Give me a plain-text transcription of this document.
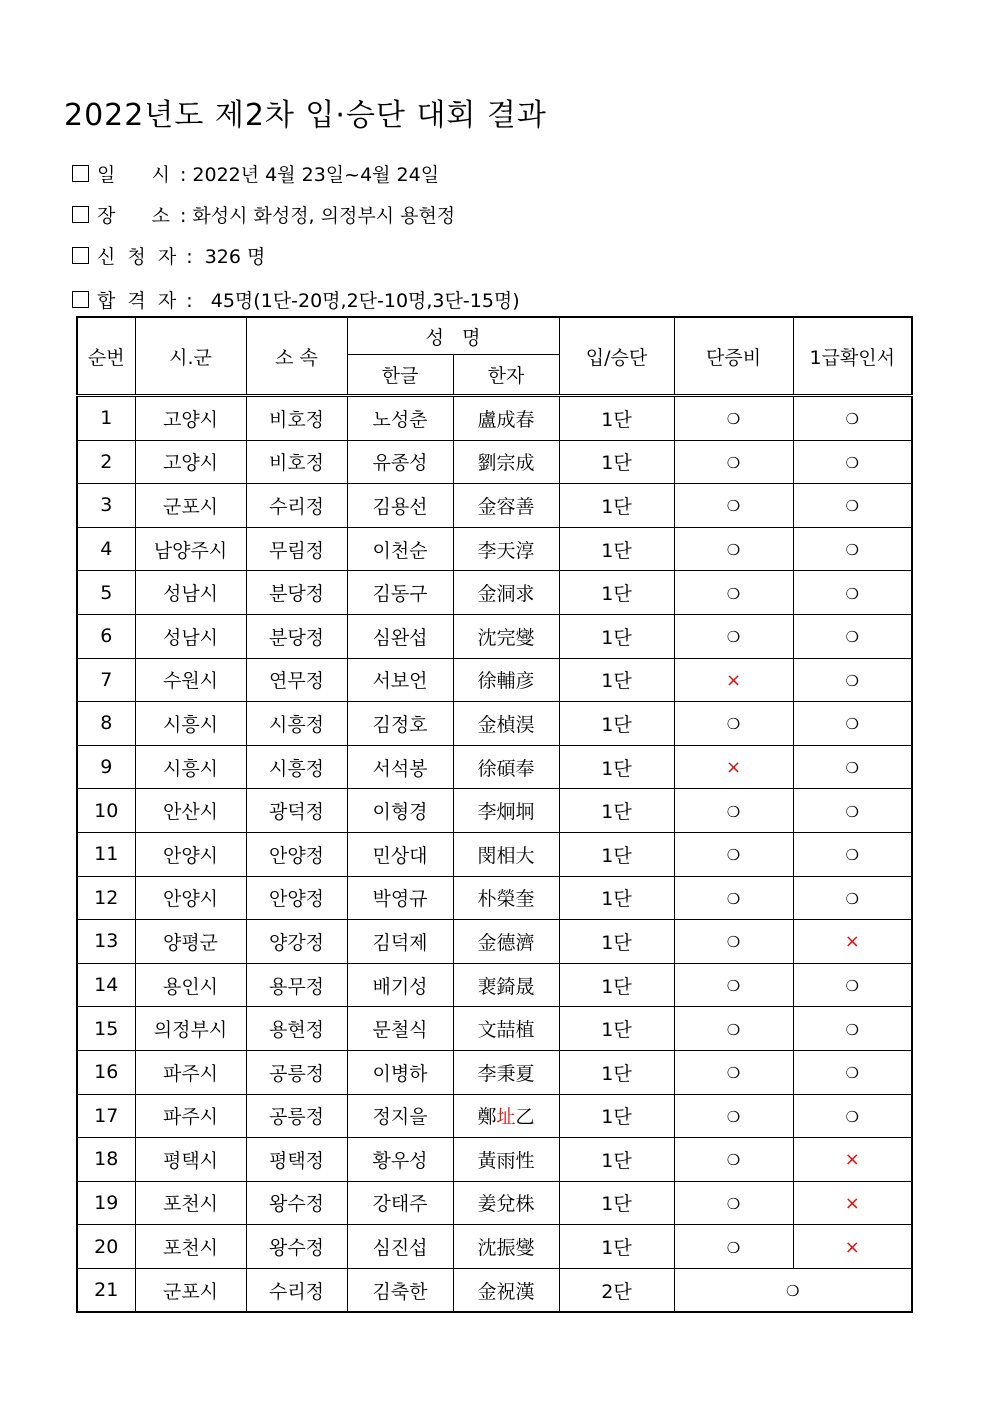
2022년도 제2차 입·승단 대회 결과
일      시 : 2022년 4월 23일~4월 24일
장      소 : 화성시 화성정, 의정부시 용현정
신  청  자 :  326 명
합  격  자 :   45명(1단-20명,2단-10명,3단-15명)
순번	시.군	소 속	성   명		입/승단	단증비	1급확인서
			한글	한자			
1	고양시	비호정	노성춘	盧成春	1단	❍	❍
2	고양시	비호정	유종성	劉宗成	1단	❍	❍
3	군포시	수리정	김용선	金容善	1단	❍	❍
4	남양주시	무림정	이천순	李天淳	1단	❍	❍
5	성남시	분당정	김동구	金洞求	1단	❍	❍
6	성남시	분당정	심완섭	沈完燮	1단	❍	❍
7	수원시	연무정	서보언	徐輔彦	1단	×	❍
8	시흥시	시흥정	김정호	金楨淏	1단	❍	❍
9	시흥시	시흥정	서석봉	徐碩奉	1단	×	❍
10	안산시	광덕정	이형경	李炯坰	1단	❍	❍
11	안양시	안양정	민상대	閔相大	1단	❍	❍
12	안양시	안양정	박영규	朴榮奎	1단	❍	❍
13	양평군	양강정	김덕제	金德濟	1단	❍	×
14	용인시	용무정	배기성	裵錡晟	1단	❍	❍
15	의정부시	용현정	문철식	文喆植	1단	❍	❍
16	파주시	공릉정	이병하	李秉夏	1단	❍	❍
17	파주시	공릉정	정지을	鄭址乙	1단	❍	❍
18	평택시	평택정	황우성	黃雨性	1단	❍	×
19	포천시	왕수정	강태주	姜兌株	1단	❍	×
20	포천시	왕수정	심진섭	沈振燮	1단	❍	×
21	군포시	수리정	김축한	金祝漢	2단	❍	
